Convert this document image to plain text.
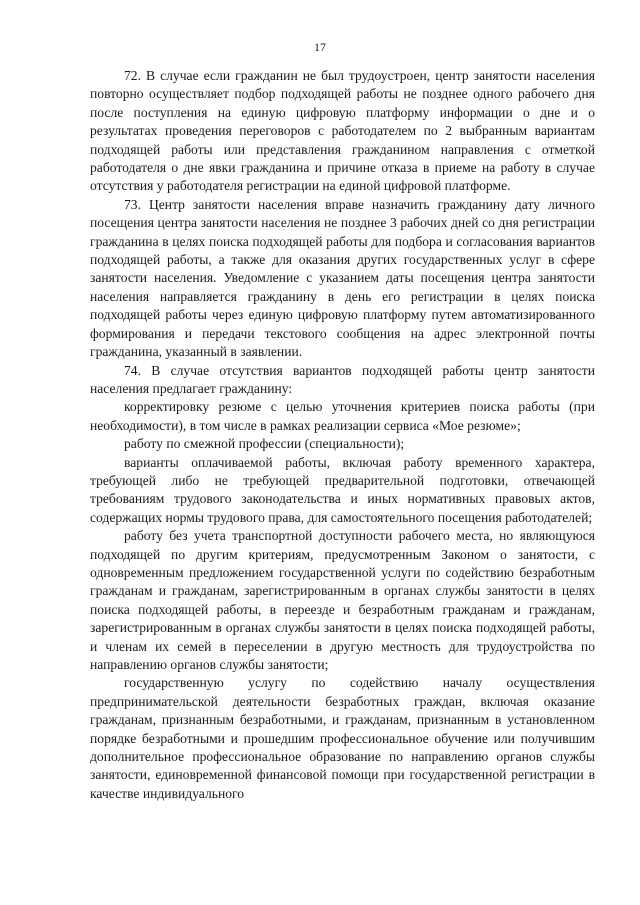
17

72. В случае если гражданин не был трудоустроен, центр занятости населения повторно осуществляет подбор подходящей работы не позднее одного рабочего дня после поступления на единую цифровую платформу информации о дне и о результатах проведения переговоров с работодателем по 2 выбранным вариантам подходящей работы или представления гражданином направления с отметкой работодателя о дне явки гражданина и причине отказа в приеме на работу в случае отсутствия у работодателя регистрации на единой цифровой платформе.

73. Центр занятости населения вправе назначить гражданину дату личного посещения центра занятости населения не позднее 3 рабочих дней со дня регистрации гражданина в целях поиска подходящей работы для подбора и согласования вариантов подходящей работы, а также для оказания других государственных услуг в сфере занятости населения. Уведомление с указанием даты посещения центра занятости населения направляется гражданину в день его регистрации в целях поиска подходящей работы через единую цифровую платформу путем автоматизированного формирования и передачи текстового сообщения на адрес электронной почты гражданина, указанный в заявлении.

74. В случае отсутствия вариантов подходящей работы центр занятости населения предлагает гражданину:

корректировку резюме с целью уточнения критериев поиска работы (при необходимости), в том числе в рамках реализации сервиса «Мое резюме»;

работу по смежной профессии (специальности);

варианты оплачиваемой работы, включая работу временного характера, требующей либо не требующей предварительной подготовки, отвечающей требованиям трудового законодательства и иных нормативных правовых актов, содержащих нормы трудового права, для самостоятельного посещения работодателей;

работу без учета транспортной доступности рабочего места, но являющуюся подходящей по другим критериям, предусмотренным Законом о занятости, с одновременным предложением государственной услуги по содействию безработным гражданам и гражданам, зарегистрированным в органах службы занятости в целях поиска подходящей работы, в переезде и безработным гражданам и гражданам, зарегистрированным в органах службы занятости в целях поиска подходящей работы, и членам их семей в переселении в другую местность для трудоустройства по направлению органов службы занятости;

государственную услугу по содействию началу осуществления предпринимательской деятельности безработных граждан, включая оказание гражданам, признанным безработными, и гражданам, признанным в установленном порядке безработными и прошедшим профессиональное обучение или получившим дополнительное профессиональное образование по направлению органов службы занятости, единовременной финансовой помощи при государственной регистрации в качестве индивидуального
